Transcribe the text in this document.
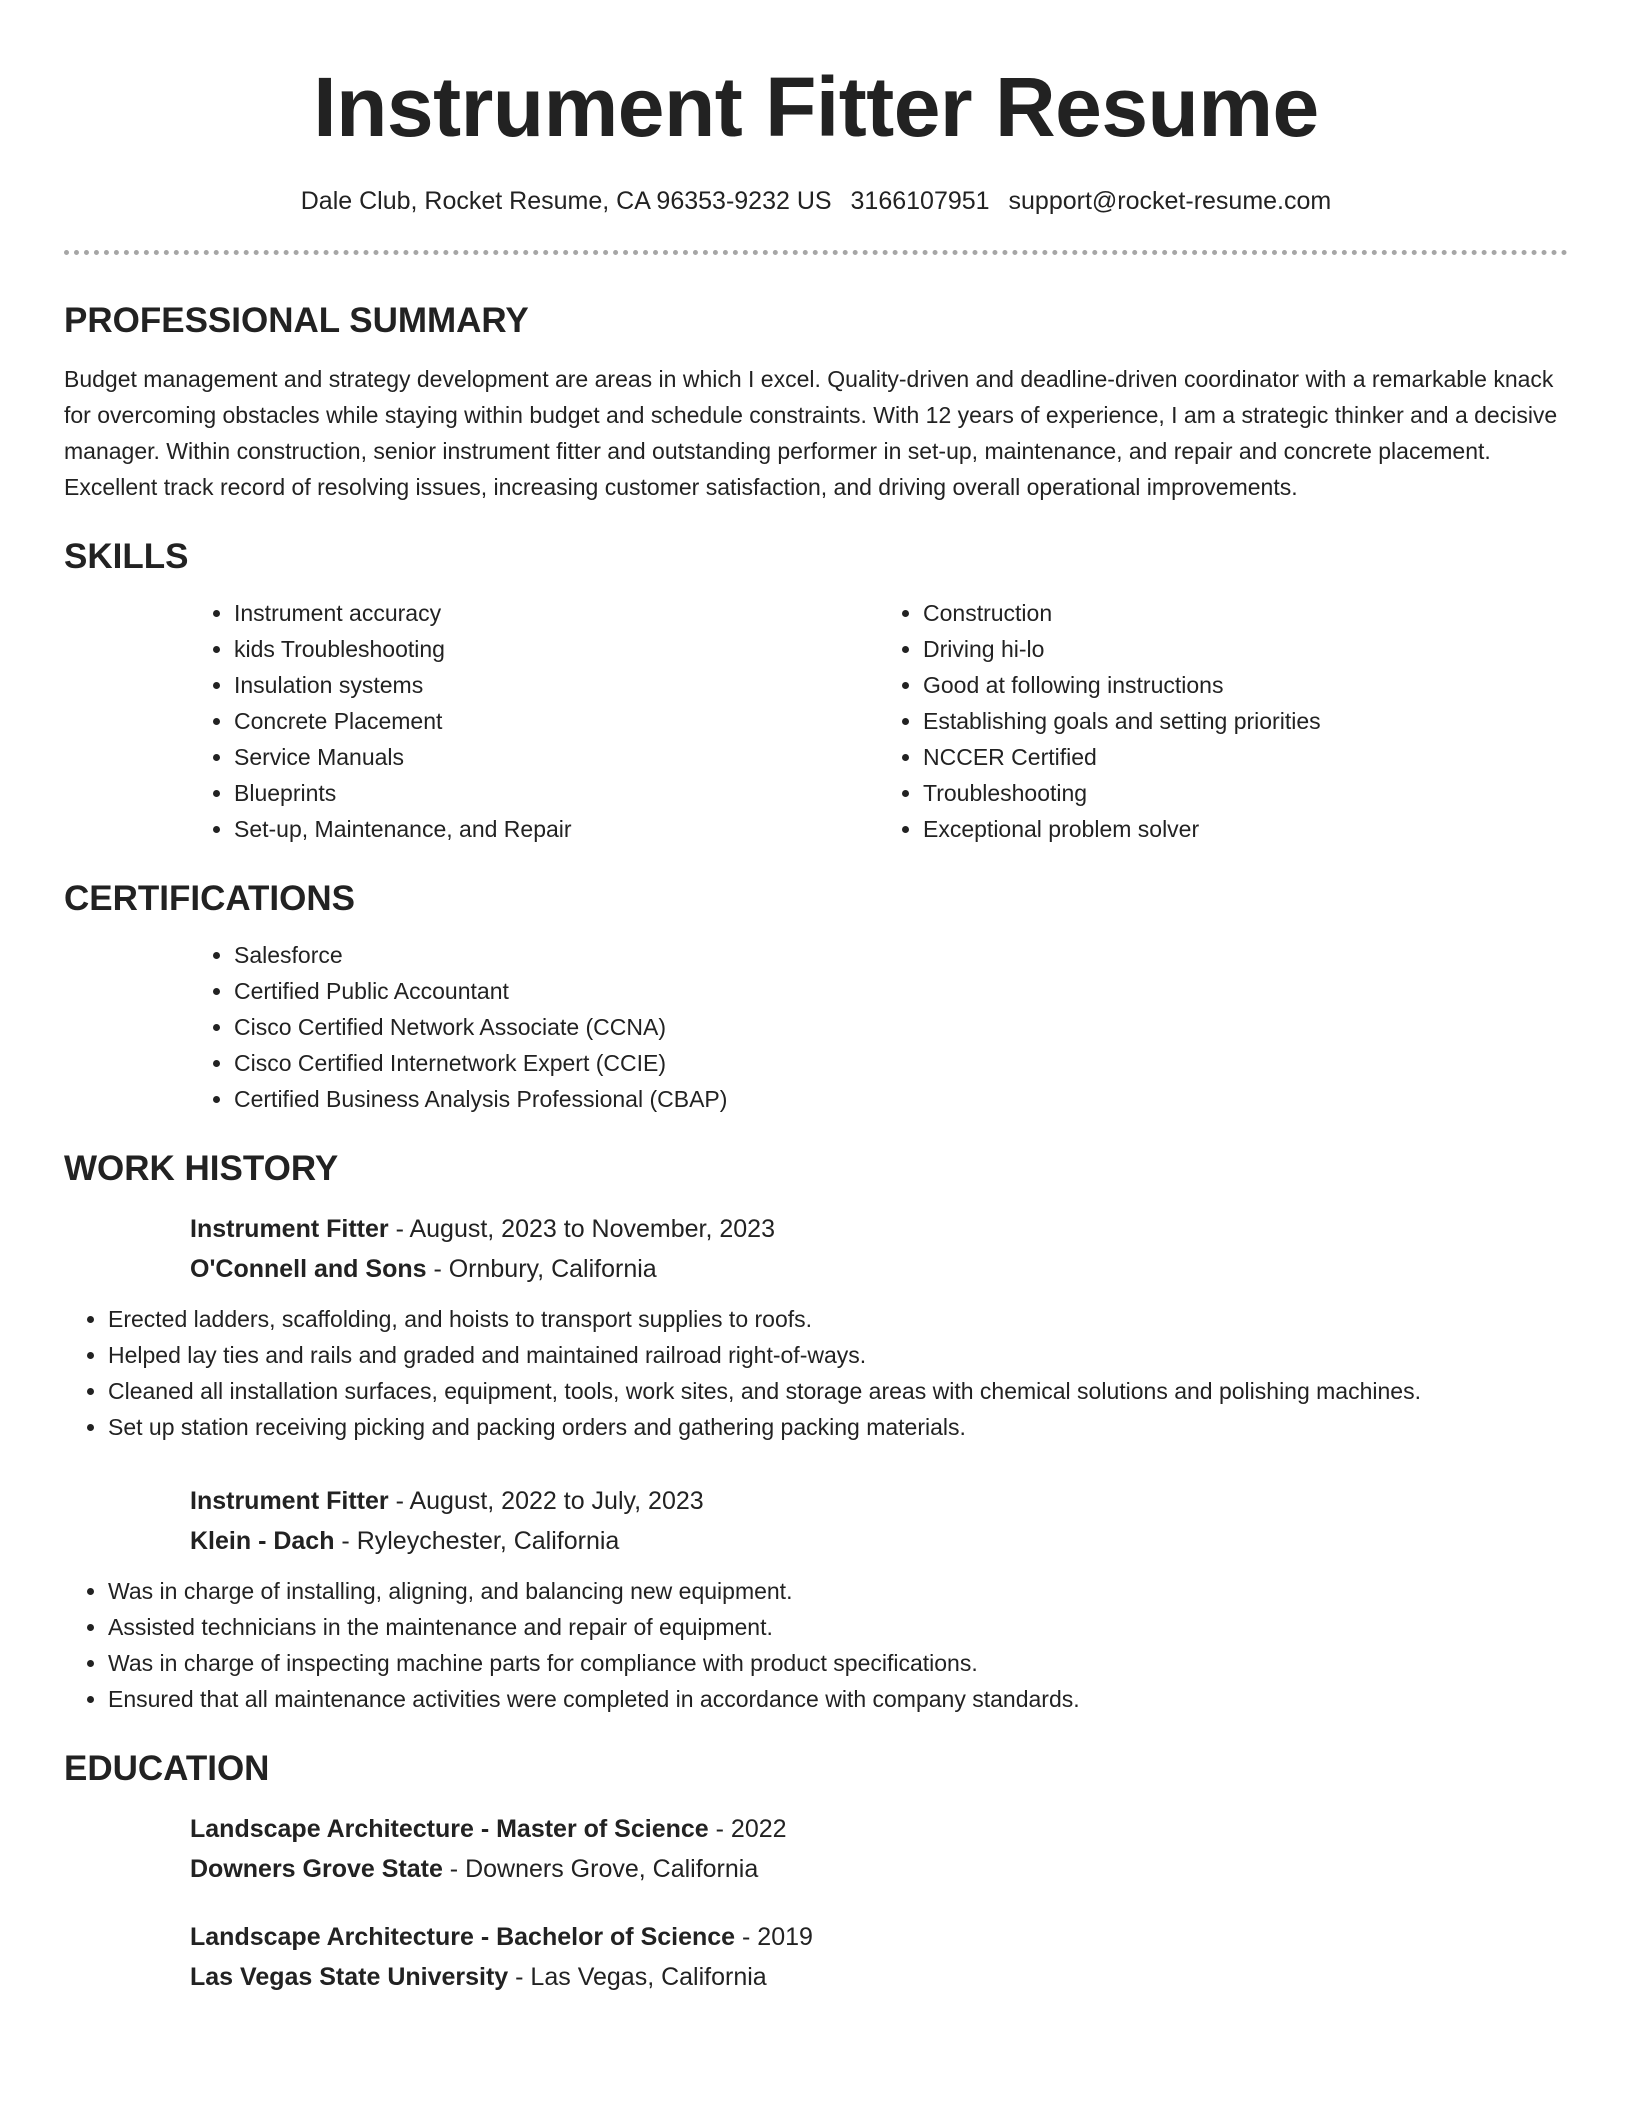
Instrument Fitter Resume
Dale Club, Rocket Resume, CA 96353-9232 US 3166107951 support@rocket-resume.com
PROFESSIONAL SUMMARY

Budget management and strategy development are areas in which I excel. Quality-driven and deadline-driven coordinator with a remarkable knack for overcoming obstacles while staying within budget and schedule constraints. With 12 years of experience, I am a strategic thinker and a decisive manager. Within construction, senior instrument fitter and outstanding performer in set-up, maintenance, and repair and concrete placement. Excellent track record of resolving issues, increasing customer satisfaction, and driving overall operational improvements.

SKILLS
• Instrument accuracy
• kids Troubleshooting
• Insulation systems
• Concrete Placement
• Service Manuals
• Blueprints
• Set-up, Maintenance, and Repair
• Construction
• Driving hi-lo
• Good at following instructions
• Establishing goals and setting priorities
• NCCER Certified
• Troubleshooting
• Exceptional problem solver
CERTIFICATIONS
• Salesforce
• Certified Public Accountant
• Cisco Certified Network Associate (CCNA)
• Cisco Certified Internetwork Expert (CCIE)
• Certified Business Analysis Professional (CBAP)
WORK HISTORY

Instrument Fitter - August, 2023 to November, 2023

O'Connell and Sons - Ornbury, California

• Erected ladders, scaffolding, and hoists to transport supplies to roofs.
• Helped lay ties and rails and graded and maintained railroad right-of-ways.
• Cleaned all installation surfaces, equipment, tools, work sites, and storage areas with chemical solutions and polishing machines.
• Set up station receiving picking and packing orders and gathering packing materials.

Instrument Fitter - August, 2022 to July, 2023

Klein - Dach - Ryleychester, California

• Was in charge of installing, aligning, and balancing new equipment.
• Assisted technicians in the maintenance and repair of equipment.
• Was in charge of inspecting machine parts for compliance with product specifications.
• Ensured that all maintenance activities were completed in accordance with company standards.
EDUCATION

Landscape Architecture - Master of Science - 2022

Downers Grove State - Downers Grove, California

Landscape Architecture - Bachelor of Science - 2019

Las Vegas State University - Las Vegas, California
